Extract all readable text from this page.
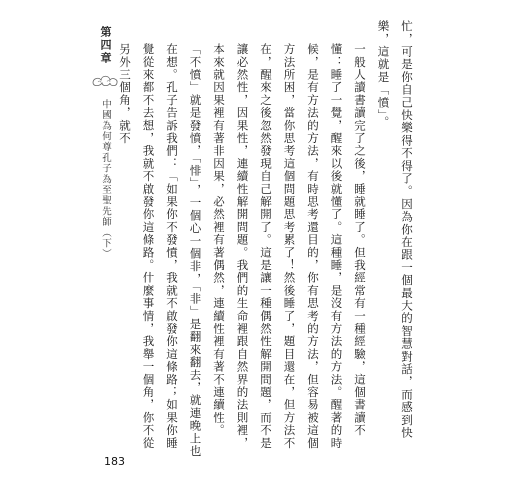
第四章
中國為何尊孔子為至聖先師（下）	忙，可是你自己快樂得不得了。因為你在跟一個最大的智慧對話，而感到快樂，這就是「憤」。

一般人讀書讀完了之後，睡就睡了。但我經常有一種經驗，這個書讀不懂：睡了一覺，醒來以後就懂了。這種睡，是沒有方法的方法。醒著的時候，是有方法的方法，有時思考還目的，你有思考的方法，但容易被這個方法所困，當你思考這個問題思考累了！然後睡了，題目還在，但方法不在，醒來之後忽然發現自己解開了。這是讓一種偶然性解開問題，而不是讓必然性，因果性，連續性解開問題。我們的生命裡跟自然界的法則裡，本來就因果裡有著非因果，必然裡有著偶然，連續性裡有著不連續性。

「不憤」就是發憤，「悱」，一個心一個非，「非」是翻來翻去，就連晚上也在想。孔子告訴我們：「如果你不發憤，我就不啟發你這條路；如果你睡覺從來都不去想，我就不啟發你這條路。什麼事情，我舉一個角，你不從另外三個角，就不

183
